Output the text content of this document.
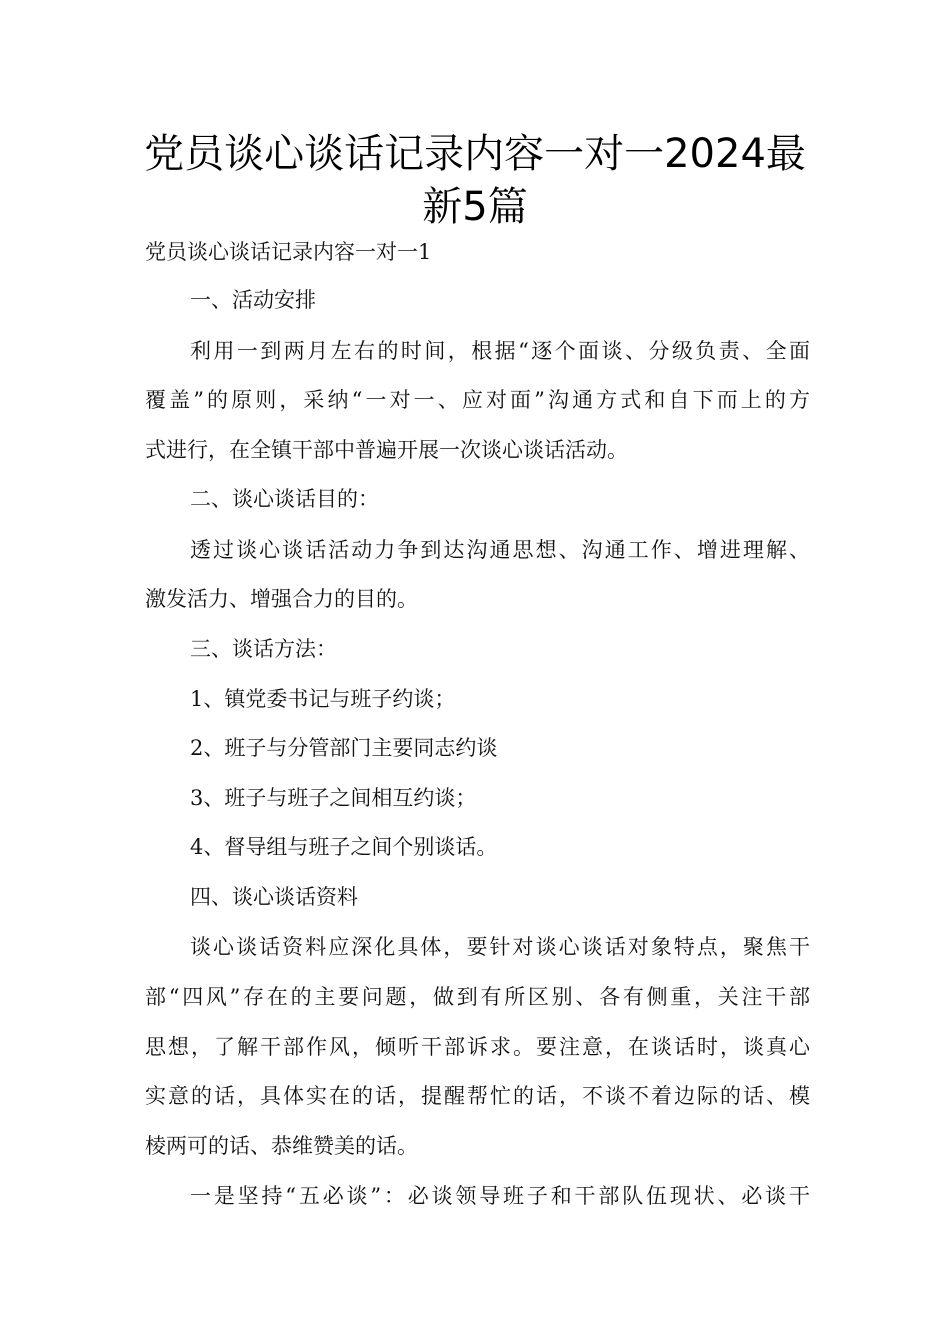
党员谈心谈话记录内容一对一2024最
新5篇

党员谈心谈话记录内容一对一1

一、活动安排

利用一到两月左右的时间，根据“逐个面谈、分级负责、全面

覆盖”的原则，采纳“一对一、应对面”沟通方式和自下而上的方

式进行，在全镇干部中普遍开展一次谈心谈话活动。

二、谈心谈话目的：

透过谈心谈话活动力争到达沟通思想、沟通工作、增进理解、

激发活力、增强合力的目的。

三、谈话方法：

1、镇党委书记与班子约谈；

2、班子与分管部门主要同志约谈

3、班子与班子之间相互约谈；

4、督导组与班子之间个别谈话。

四、谈心谈话资料

谈心谈话资料应深化具体，要针对谈心谈话对象特点，聚焦干

部“四风”存在的主要问题，做到有所区别、各有侧重，关注干部

思想，了解干部作风，倾听干部诉求。要注意，在谈话时，谈真心

实意的话，具体实在的话，提醒帮忙的话，不谈不着边际的话、模

棱两可的话、恭维赞美的话。

一是坚持“五必谈”：必谈领导班子和干部队伍现状、必谈干
